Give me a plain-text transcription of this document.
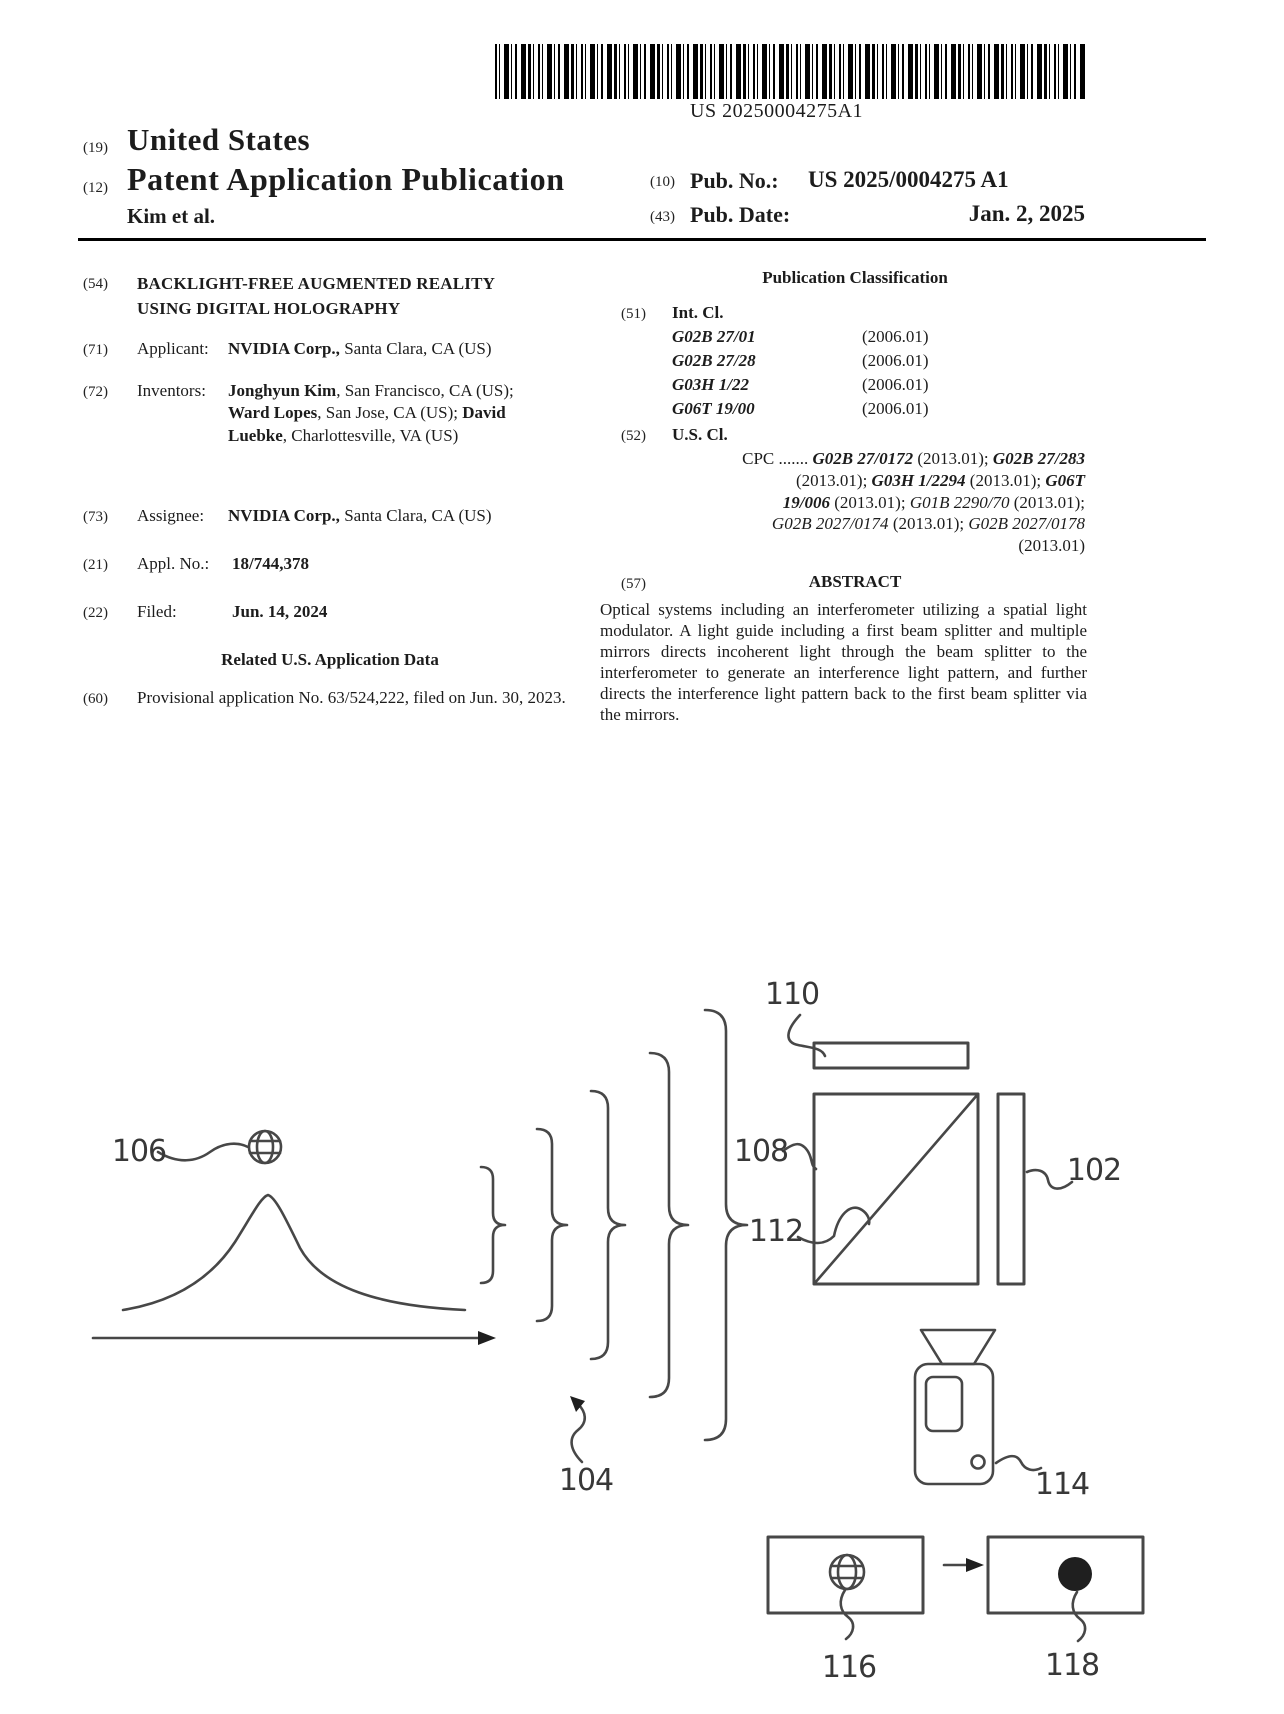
US 20250004275A1
(19) United States
(12) Patent Application Publication
Kim et al.
(10) Pub. No.: US 2025/0004275 A1
(43) Pub. Date:	Jan. 2, 2025
(54) BACKLIGHT-FREE AUGMENTED REALITY
USING DIGITAL HOLOGRAPHY
(71) Applicant: NVIDIA Corp., Santa Clara, CA (US)
(72) Inventors: Jonghyun Kim, San Francisco, CA (US); Ward Lopes, San Jose, CA (US); David Luebke, Charlottesville, VA (US)
(73) Assignee: NVIDIA Corp., Santa Clara, CA (US)
(21) Appl. No.: 18/744,378
(22) Filed:	Jun. 14, 2024
Related U.S. Application Data
(60) Provisional application No. 63/524,222, filed on Jun. 30, 2023.
Publication Classification
(51) Int. Cl.
G02B 27/01	(2006.01)
G02B 27/28	(2006.01)
G03H 1/22	(2006.01)
G06T 19/00	(2006.01)
(52) U.S. Cl.
CPC ....... G02B 27/0172 (2013.01); G02B 27/283
(2013.01); G03H 1/2294 (2013.01); G06T
19/006 (2013.01); G01B 2290/70 (2013.01);
G02B 2027/0174 (2013.01); G02B 2027/0178
(2013.01)
(57)	ABSTRACT
Optical systems including an interferometer utilizing a spatial light modulator. A light guide including a first beam splitter and multiple mirrors directs incoherent light through the beam splitter to the interferometer to generate an interference light pattern, and further directs the interference light pattern back to the first beam splitter via the mirrors.
106
104
110
108
112
102
114
116	118
